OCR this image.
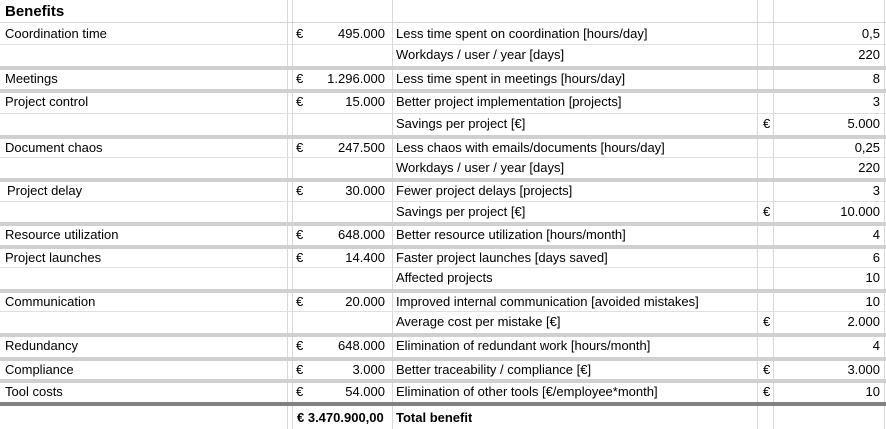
Benefits
Coordination time	€	495.000 Less time spent on coordination [hours/day]	0,5
Workdays / user / year [days]	220
Meetings	€	1.296.000 Less time spent in meetings [hours/day]	8
Project control	€	15.000 Better project implementation [projects]	3
Savings per project [€]	€	5.000
Document chaos	€	247.500 Less chaos with emails/documents [hours/day]	0,25
Workdays / user / year [days]	220
Project delay	€	30.000 Fewer project delays [projects]	3
Savings per project [€]	€	10.000
Resource utilization	€	648.000 Better resource utilization [hours/month]	4
Project launches	€	14.400 Faster project launches [days saved]	6
Affected projects	10
Communication	€	20.000 Improved internal communication [avoided mistakes]	10
Average cost per mistake [€]	€	2.000
Redundancy	€	648.000 Elimination of redundant work [hours/month]	4
Compliance	€	3.000 Better traceability / compliance [€]	€	3.000
Tool costs	€	54.000 Elimination of other tools [€/employee*month]	€	10
€ 3.470.900,00 Total benefit
